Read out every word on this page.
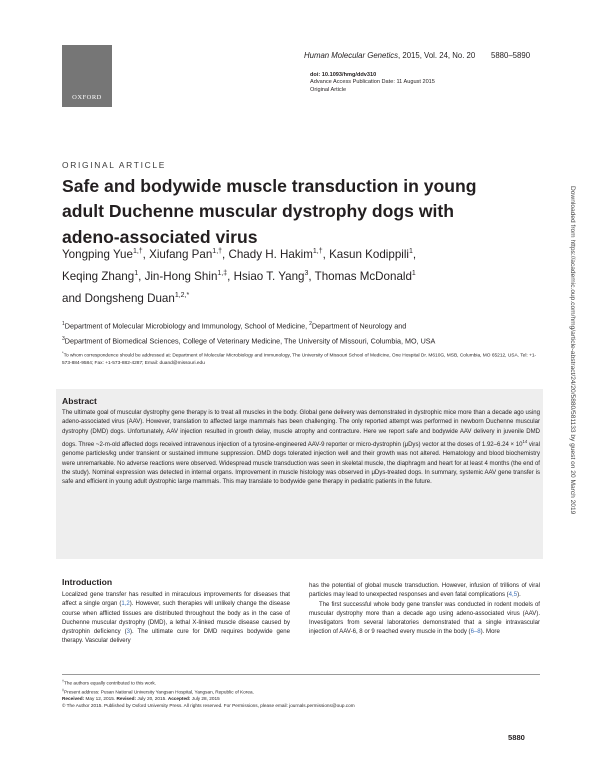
OXFORD
Human Molecular Genetics, 2015, Vol. 24, No. 20 5880–5890
doi: 10.1093/hmg/ddv310
Advance Access Publication Date: 11 August 2015
Original Article
ORIGINAL ARTICLE
Safe and bodywide muscle transduction in young adult Duchenne muscular dystrophy dogs with adeno-associated virus
Yongping Yue$^{1,\dagger}$, Xiufang Pan$^{1,\dagger}$, Chady H. Hakim$^{1,\dagger}$, Kasun Kodippili$^1$,
Keqing Zhang$^1$, Jin-Hong Shin$^{1,\ddagger}$, Hsiao T. Yang$^3$, Thomas McDonald$^1$
and Dongsheng Duan$^{1,2,*}$
$^1$Department of Molecular Microbiology and Immunology, School of Medicine, $^2$Department of Neurology and
$^3$Department of Biomedical Sciences, College of Veterinary Medicine, The University of Missouri, Columbia, MO, USA
*To whom correspondence should be addressed at: Department of Molecular Microbiology and Immunology, The University of Missouri School of Medicine, One Hospital Dr. M610G, MSB, Columbia, MO 65212, USA. Tel: +1-573-884-9584; Fax: +1-573-882-4287; Email: duand@missouri.edu
Abstract
The ultimate goal of muscular dystrophy gene therapy is to treat all muscles in the body. Global gene delivery was demonstrated in dystrophic mice more than a decade ago using adeno-associated virus (AAV). However, translation to affected large mammals has been challenging. The only reported attempt was performed in newborn Duchenne muscular dystrophy (DMD) dogs. Unfortunately, AAV injection resulted in growth delay, muscle atrophy and contracture. Here we report safe and bodywide AAV delivery in juvenile DMD dogs. Three ~2-m-old affected dogs received intravenous injection of a tyrosine-engineered AAV-9 reporter or micro-dystrophin (μDys) vector at the doses of $1.92-6.24 \times 10^{14}$ viral genome particles/kg under transient or sustained immune suppression. DMD dogs tolerated injection well and their growth was not altered. Hematology and blood biochemistry were unremarkable. No adverse reactions were observed. Widespread muscle transduction was seen in skeletal muscle, the diaphragm and heart for at least 4 months (the end of the study). Nominal expression was detected in internal organs. Improvement in muscle histology was observed in μDys-treated dogs. In summary, systemic AAV gene transfer is safe and efficient in young adult dystrophic large mammals. This may translate to bodywide gene therapy in pediatric patients in the future.
Introduction
Localized gene transfer has resulted in miraculous improvements for diseases that affect a single organ (1,2). However, such therapies will unlikely change the disease course when afflicted tissues are distributed throughout the body as in the case of Duchenne muscular dystrophy (DMD), a lethal X-linked muscle disease caused by dystrophin deficiency (3). The ultimate cure for DMD requires bodywide gene therapy. Vascular delivery
has the potential of global muscle transduction. However, infusion of trillions of viral particles may lead to unexpected responses and even fatal complications (4,5).
The first successful whole body gene transfer was conducted in rodent models of muscular dystrophy more than a decade ago using adeno-associated virus (AAV). Investigators from several laboratories demonstrated that a single intravascular injection of AAV-6, 8 or 9 reached every muscle in the body (6–8). More
†The authors equally contributed to this work.
‡Present address: Pusan National University Yangsan Hospital, Yangsan, Republic of Korea.
Received: May 12, 2015. Revised: July 20, 2015. Accepted: July 28, 2015
© The Author 2015. Published by Oxford University Press. All rights reserved. For Permissions, please email: journals.permissions@oup.com
5880
Downloaded from https://academic.oup.com/hmg/article-abstract/24/20/5880/581133 by guest on 20 March 2019
